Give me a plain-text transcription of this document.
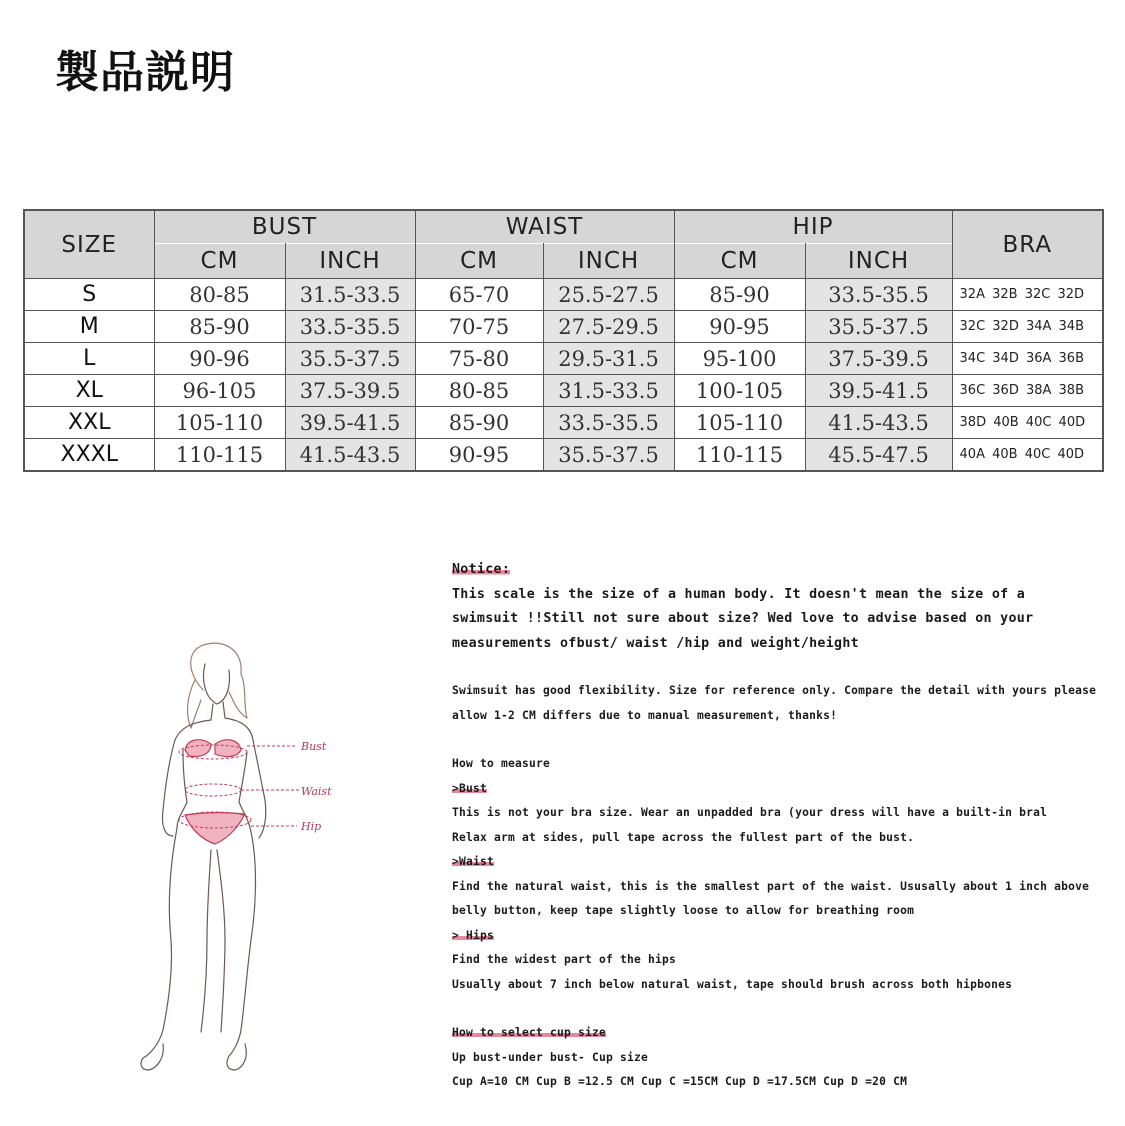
製品説明
SIZE	BUST		WAIST		HIP		BRA
	CM	INCH	CM	INCH	CM	INCH	
S	80-85	31.5-33.5	65-70	25.5-27.5	85-90	33.5-35.5	32A 32B 32C 32D
M	85-90	33.5-35.5	70-75	27.5-29.5	90-95	35.5-37.5	32C 32D 34A 34B
L	90-96	35.5-37.5	75-80	29.5-31.5	95-100	37.5-39.5	34C 34D 36A 36B
XL	96-105	37.5-39.5	80-85	31.5-33.5	100-105	39.5-41.5	36C 36D 38A 38B
XXL	105-110	39.5-41.5	85-90	33.5-35.5	105-110	41.5-43.5	38D 40B 40C 40D
XXXL	110-115	41.5-43.5	90-95	35.5-37.5	110-115	45.5-47.5	40A 40B 40C 40D
Bust
Waist
Hip
Notice:
This scale is the size of a human body. It doesn't mean the size of a
swimsuit !!Still not sure about size? Wed love to advise based on your
measurements ofbust/ waist /hip and weight/height
Swimsuit has good flexibility. Size for reference only. Compare the detail with yours please
allow 1-2 CM differs due to manual measurement, thanks!
How to measure
>Bust
This is not your bra size. Wear an unpadded bra (your dress will have a built-in bral
Relax arm at sides, pull tape across the fullest part of the bust.
>Waist
Find the natural waist, this is the smallest part of the waist. Ususally about 1 inch above
belly button, keep tape slightly loose to allow for breathing room
> Hips
Find the widest part of the hips
Usually about 7 inch below natural waist, tape should brush across both hipbones
How to select cup size
Up bust-under bust- Cup size
Cup A=10 CM Cup B =12.5 CM Cup C =15CM Cup D =17.5CM Cup D =20 CM
